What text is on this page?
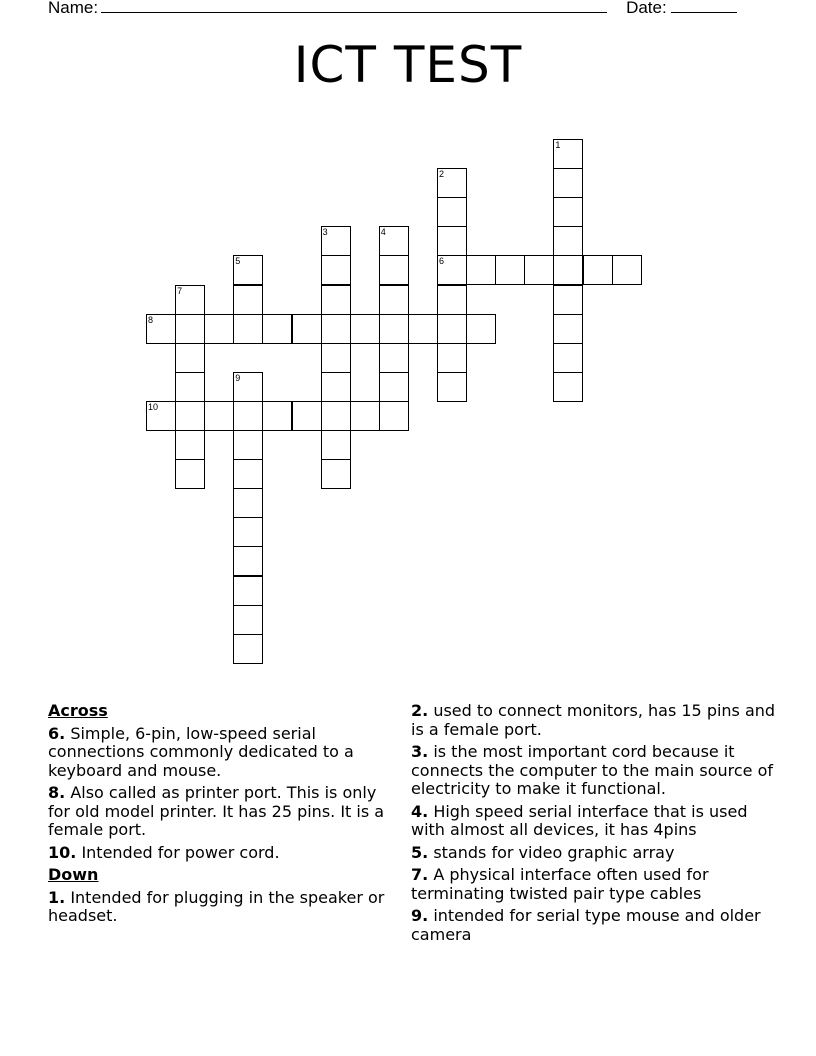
Name:	Date:
ICT TEST
1
2
6
3	4
5
7
8
9
10
Across
6. Simple, 6-pin, low-speed serial connections commonly dedicated to a keyboard and mouse.
8. Also called as printer port. This is only for old model printer. It has 25 pins. It is a female port.
10. Intended for power cord.
Down
1. Intended for plugging in the speaker or headset.
2. used to connect monitors, has 15 pins and is a female port.
3. is the most important cord because it connects the computer to the main source of electricity to make it functional.
4. High speed serial interface that is used with almost all devices, it has 4pins
5. stands for video graphic array
7. A physical interface often used for terminating twisted pair type cables
9. intended for serial type mouse and older camera
